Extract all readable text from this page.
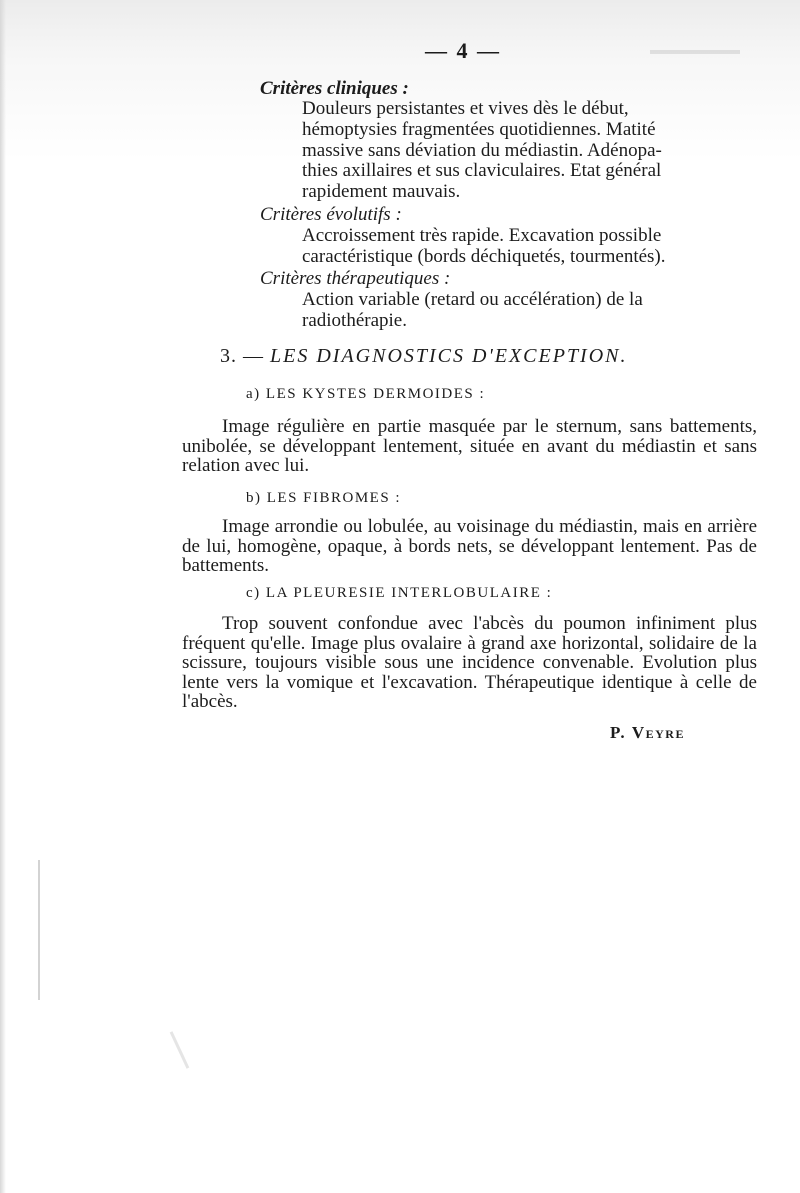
— 4 —
Critères cliniques :
Douleurs persistantes et vives dès le début,
hémoptysies fragmentées quotidiennes. Matité
massive sans déviation du médiastin. Adénopa-
thies axillaires et sus claviculaires. Etat général
rapidement mauvais.
Critères évolutifs :
Accroissement très rapide. Excavation possible
caractéristique (bords déchiquetés, tourmentés).
Critères thérapeutiques :
Action variable (retard ou accélération) de la
radiothérapie.
3. — LES DIAGNOSTICS D'EXCEPTION.
a) LES KYSTES DERMOIDES :
Image régulière en partie masquée par le sternum, sans battements, unibolée, se développant lentement, située en avant du médiastin et sans relation avec lui.
b) LES FIBROMES :
Image arrondie ou lobulée, au voisinage du médiastin, mais en arrière de lui, homogène, opaque, à bords nets, se développant lentement. Pas de battements.
c) LA PLEURESIE INTERLOBULAIRE :
Trop souvent confondue avec l'abcès du poumon infiniment plus fréquent qu'elle. Image plus ovalaire à grand axe horizontal, solidaire de la scissure, toujours visible sous une incidence convenable. Evolution plus lente vers la vomique et l'excavation. Thérapeutique identique à celle de l'abcès.
P. Veyre
